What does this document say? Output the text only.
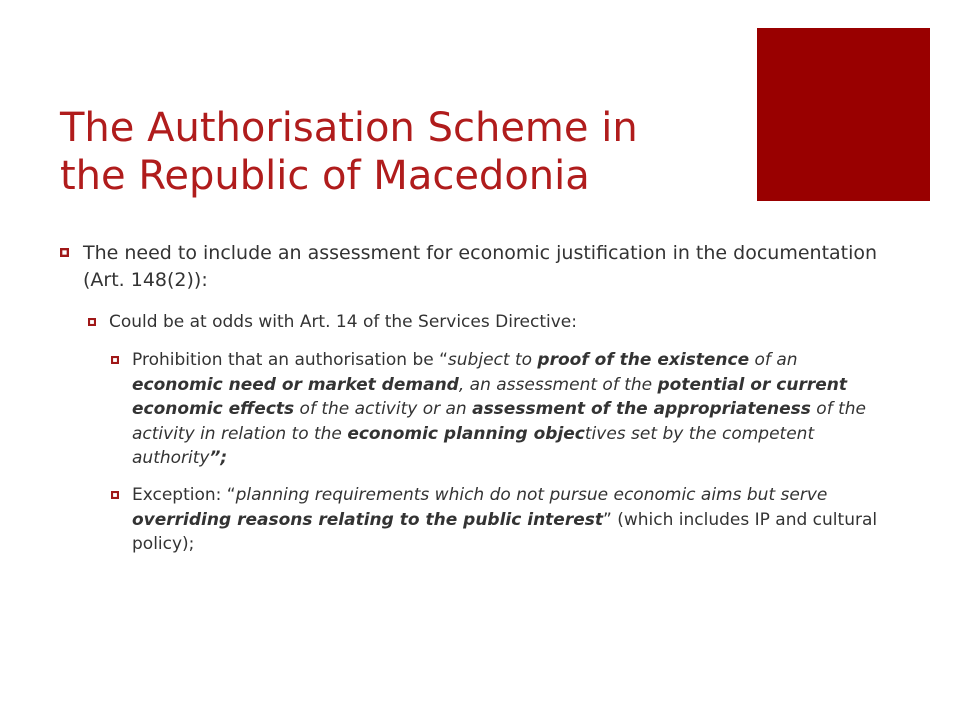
The Authorisation Scheme in
the Republic of Macedonia

The need to include an assessment for economic justification in the documentation (Art. 148(2)):

Could be at odds with Art. 14 of the Services Directive:

Prohibition that an authorisation be “subject to proof of the existence of an economic need or market demand, an assessment of the potential or current economic effects of the activity or an assessment of the appropriateness of the activity in relation to the economic planning objectives set by the competent authority”;

Exception: “planning requirements which do not pursue economic aims but serve overriding reasons relating to the public interest” (which includes IP and cultural policy);
